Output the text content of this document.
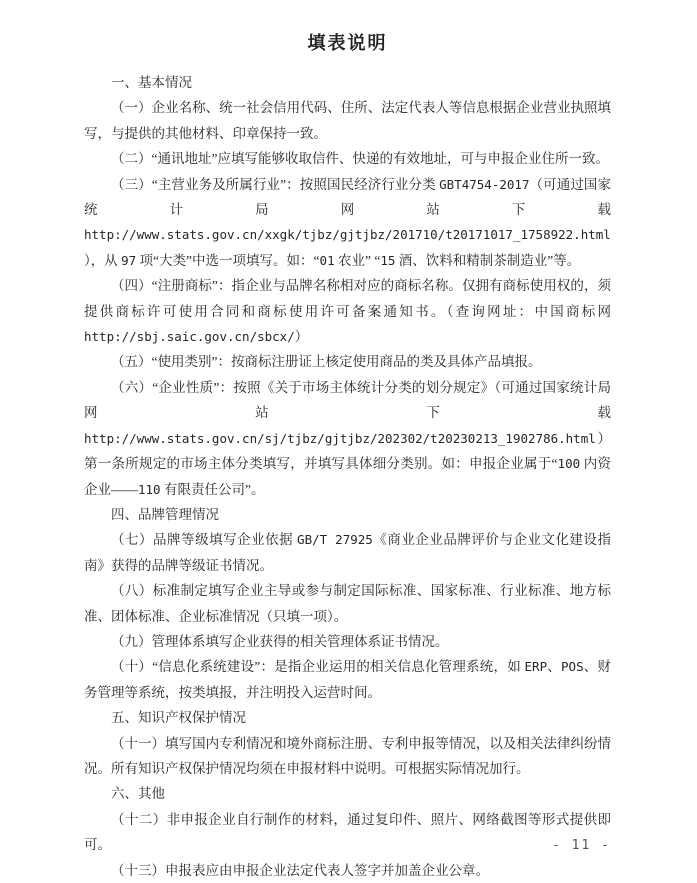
填表说明

一、基本情况

（一）企业名称、统一社会信用代码、住所、法定代表人等信息根据企业营业执照填写，与提供的其他材料、印章保持一致。

（二）“通讯地址”应填写能够收取信件、快递的有效地址，可与申报企业住所一致。

（三）“主营业务及所属行业”：按照国民经济行业分类 GBT4754-2017（可通过国家统计局网站下载 http://www.stats.gov.cn/xxgk/tjbz/gjtjbz/201710/t20171017_1758922.html），从 97 项“大类”中选一项填写。如：“01 农业” “15 酒、饮料和精制茶制造业”等。

（四）“注册商标”：指企业与品牌名称相对应的商标名称。仅拥有商标使用权的，须提供商标许可使用合同和商标使用许可备案通知书。（查询网址：中国商标网 http://sbj.saic.gov.cn/sbcx/）

（五）“使用类别”：按商标注册证上核定使用商品的类及具体产品填报。

（六）“企业性质”：按照《关于市场主体统计分类的划分规定》（可通过国家统计局网站下载 http://www.stats.gov.cn/sj/tjbz/gjtjbz/202302/t20230213_1902786.html）第一条所规定的市场主体分类填写，并填写具体细分类别。如：申报企业属于“100 内资企业——110 有限责任公司”。

四、品牌管理情况

（七）品牌等级填写企业依据 GB/T 27925《商业企业品牌评价与企业文化建设指南》获得的品牌等级证书情况。

（八）标准制定填写企业主导或参与制定国际标准、国家标准、行业标准、地方标准、团体标准、企业标准情况（只填一项）。

（九）管理体系填写企业获得的相关管理体系证书情况。

（十）“信息化系统建设”：是指企业运用的相关信息化管理系统，如 ERP、POS、财务管理等系统，按类填报，并注明投入运营时间。

五、知识产权保护情况

（十一）填写国内专利情况和境外商标注册、专利申报等情况，以及相关法律纠纷情况。所有知识产权保护情况均须在申报材料中说明。可根据实际情况加行。

六、其他

（十二）非申报企业自行制作的材料，通过复印件、照片、网络截图等形式提供即可。

（十三）申报表应由申报企业法定代表人签字并加盖企业公章。

- 11 -
